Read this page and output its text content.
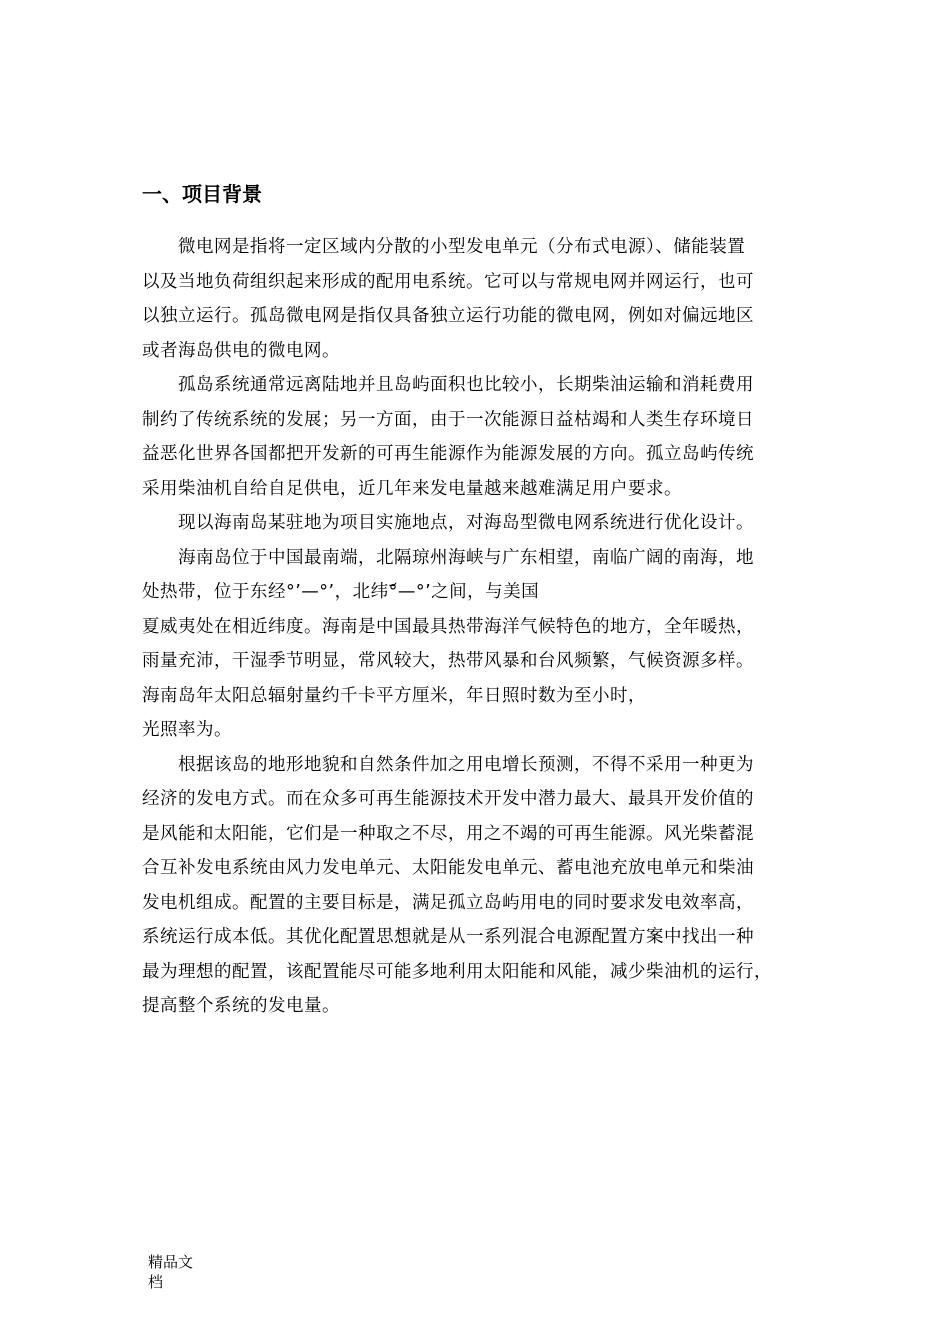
一、项目背景
微电网是指将一定区域内分散的小型发电单元（分布式电源）、储能装置
以及当地负荷组织起来形成的配用电系统。它可以与常规电网并网运行，也可
以独立运行。孤岛微电网是指仅具备独立运行功能的微电网，例如对偏远地区
或者海岛供电的微电网。
孤岛系统通常远离陆地并且岛屿面积也比较小，长期柴油运输和消耗费用
制约了传统系统的发展；另一方面，由于一次能源日益枯竭和人类生存环境日
益恶化世界各国都把开发新的可再生能源作为能源发展的方向。孤立岛屿传统
采用柴油机自给自足供电，近几年来发电量越来越难满足用户要求。
现以海南岛某驻地为项目实施地点，对海岛型微电网系统进行优化设计。
海南岛位于中国最南端，北隔琼州海峡与广东相望，南临广阔的南海，地
处热带，位于东经°’—°’，北纬°᷄—°’之间，与美国
夏威夷处在相近纬度。海南是中国最具热带海洋气候特色的地方，全年暖热，
雨量充沛，干湿季节明显，常风较大，热带风暴和台风频繁，气候资源多样。
海南岛年太阳总辐射量约千卡平方厘米，年日照时数为至小时，
光照率为。
根据该岛的地形地貌和自然条件加之用电增长预测，不得不采用一种更为
经济的发电方式。而在众多可再生能源技术开发中潜力最大、最具开发价值的
是风能和太阳能，它们是一种取之不尽，用之不竭的可再生能源。风光柴蓄混
合互补发电系统由风力发电单元、太阳能发电单元、蓄电池充放电单元和柴油
发电机组成。配置的主要目标是，满足孤立岛屿用电的同时要求发电效率高，
系统运行成本低。其优化配置思想就是从一系列混合电源配置方案中找出一种
最为理想的配置，该配置能尽可能多地利用太阳能和风能，减少柴油机的运行，
提高整个系统的发电量。
精品文
档
